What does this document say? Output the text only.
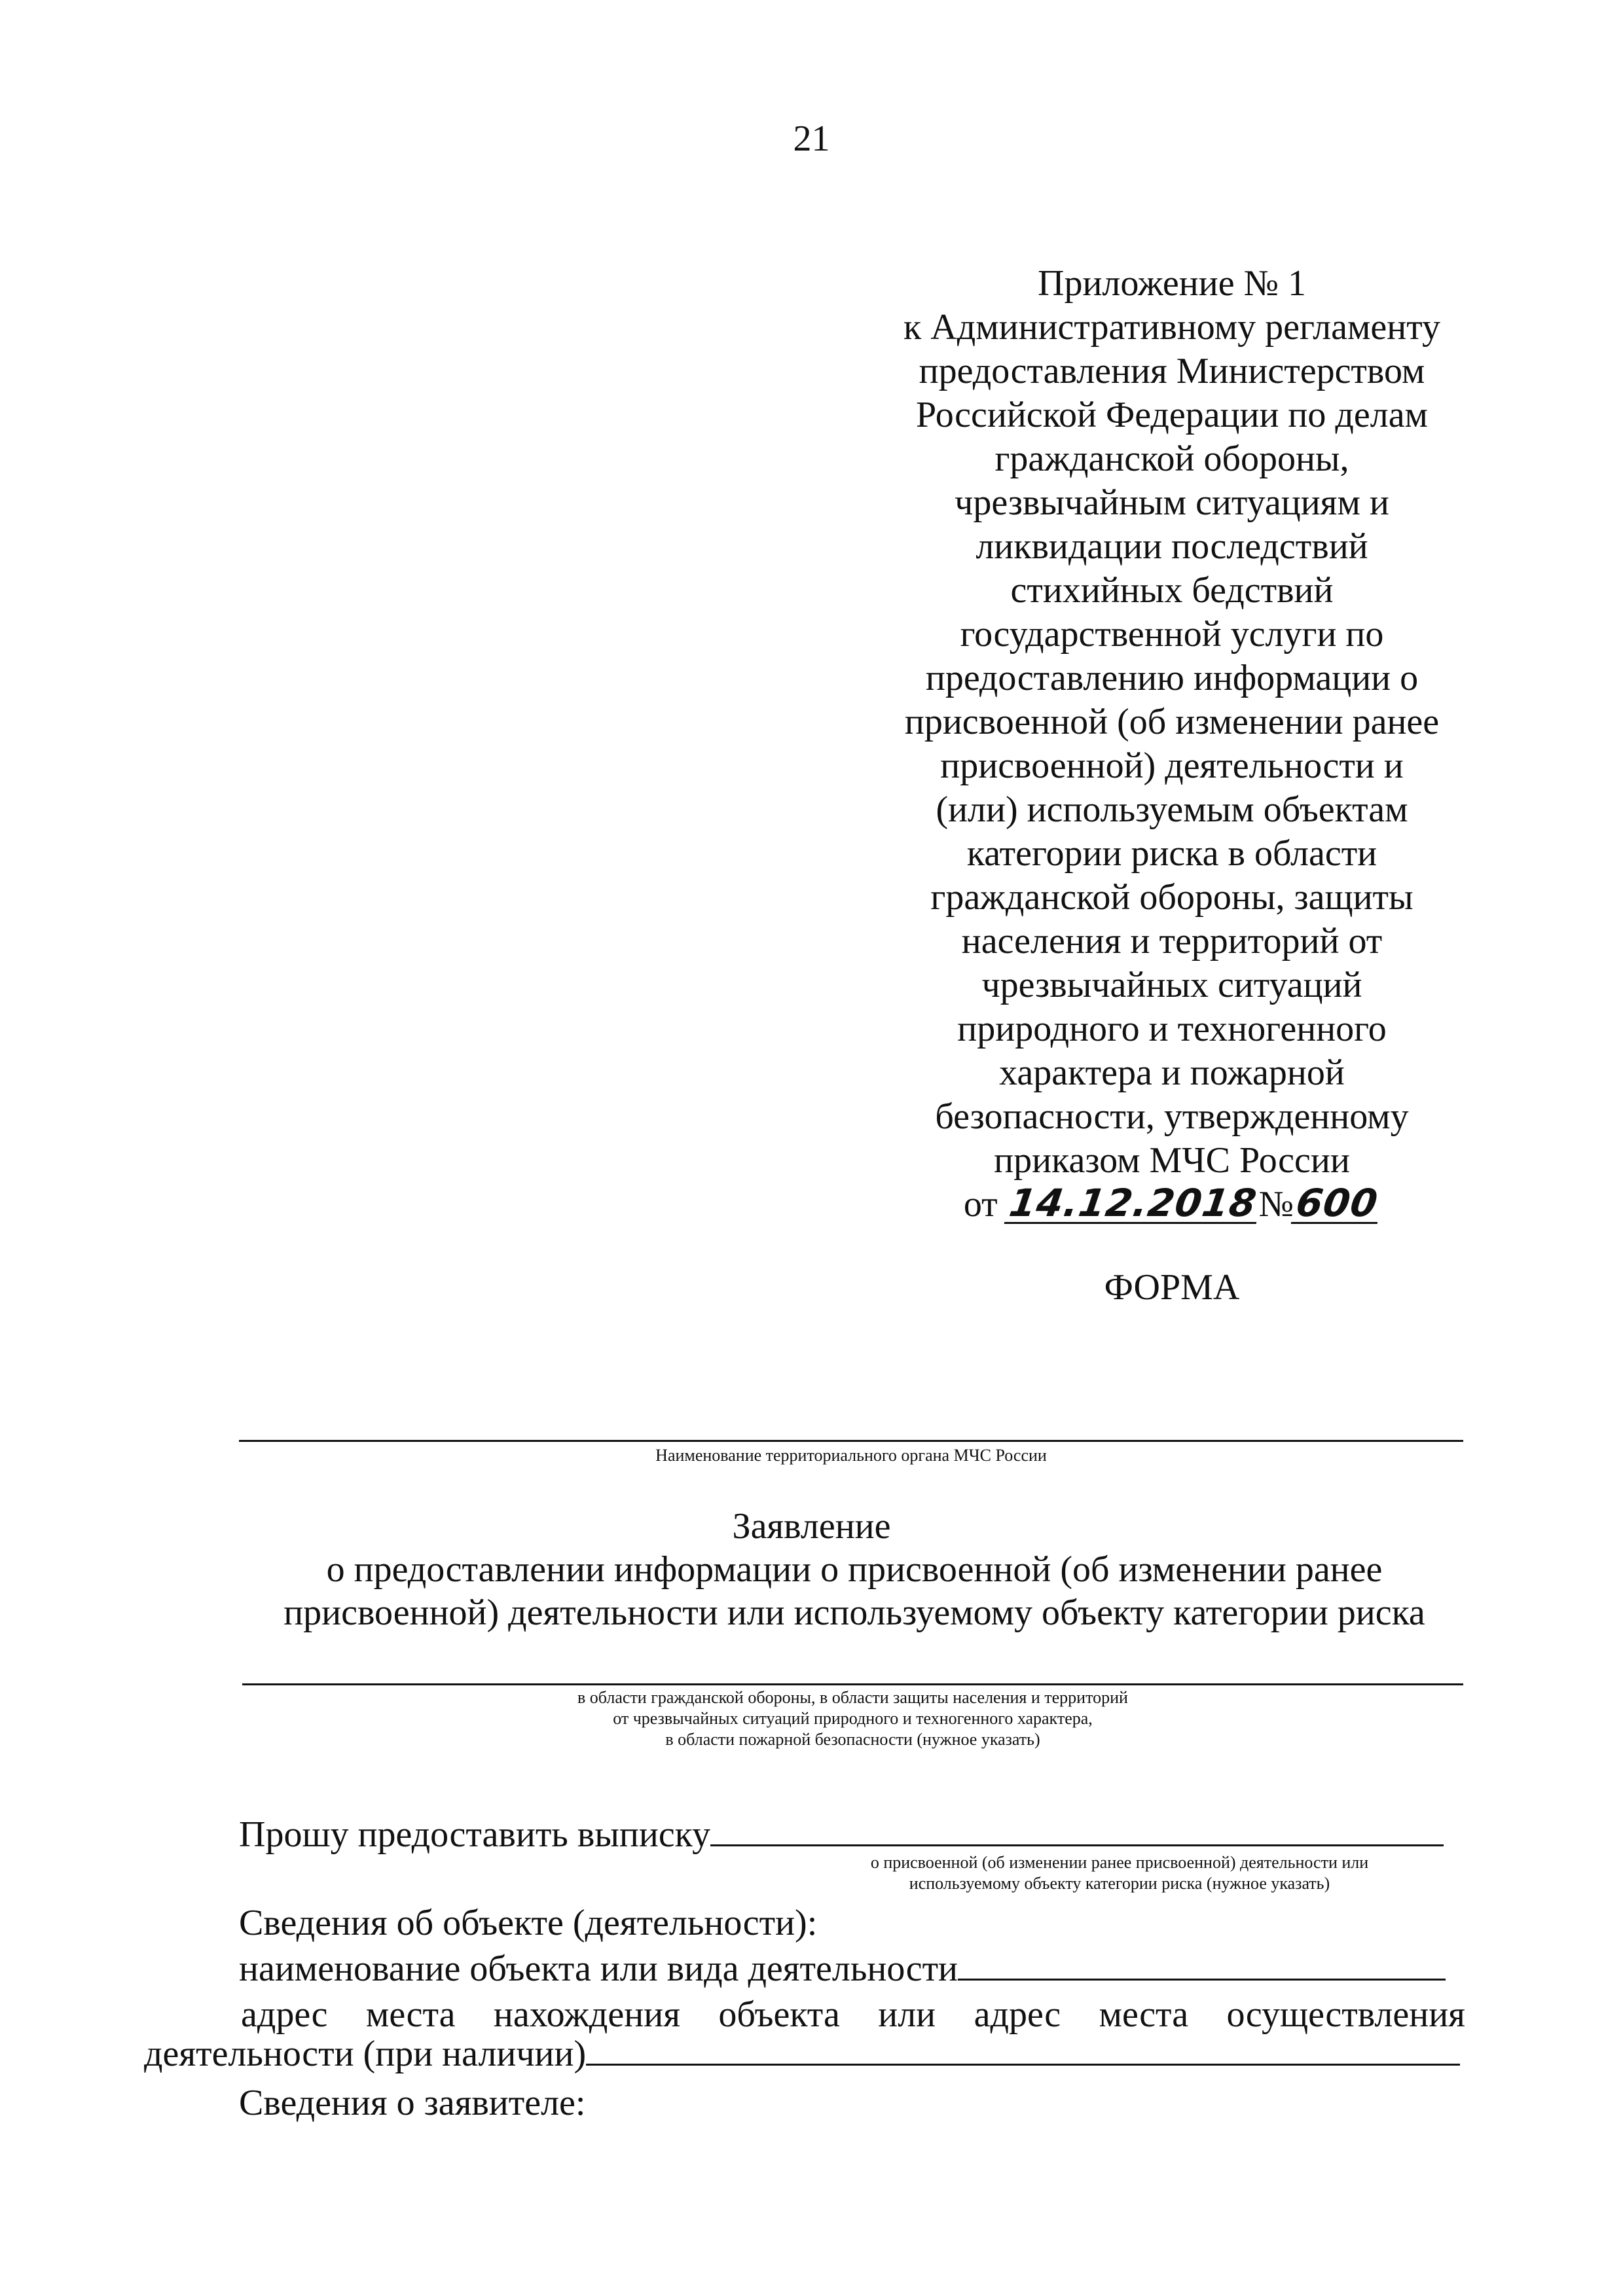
21
Приложение № 1
к Административному регламенту
предоставления Министерством
Российской Федерации по делам
гражданской обороны,
чрезвычайным ситуациям и
ликвидации последствий
стихийных бедствий
государственной услуги по
предоставлению информации о
присвоенной (об изменении ранее
присвоенной) деятельности и
(или) используемым объектам
категории риска в области
гражданской обороны, защиты
населения и территорий от
чрезвычайных ситуаций
природного и техногенного
характера и пожарной
безопасности, утвержденному
приказом МЧС России
от 14.12.2018№600
ФОРМА
Наименование территориального органа МЧС России
Заявление
о предоставлении информации о присвоенной (об изменении ранее
присвоенной) деятельности или используемому объекту категории риска
в области гражданской обороны, в области защиты населения и территорий
от чрезвычайных ситуаций природного и техногенного характера,
в области пожарной безопасности (нужное указать)
Прошу предоставить выписку
о присвоенной (об изменении ранее присвоенной) деятельности или
используемому объекту категории риска (нужное указать)
Сведения об объекте (деятельности):
наименование объекта или вида деятельности
адрес места нахождения объекта или адрес места осуществления
деятельности (при наличии)
Сведения о заявителе:
